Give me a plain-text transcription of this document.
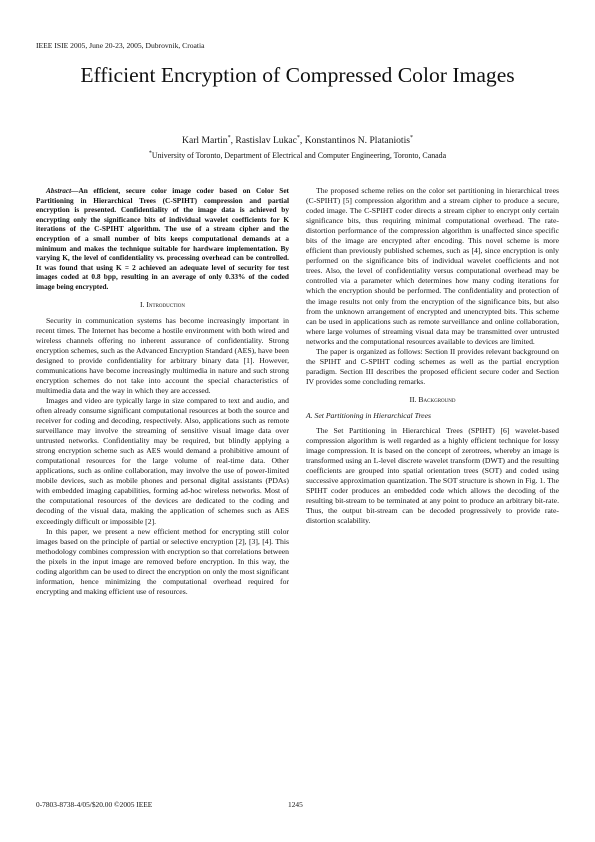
IEEE ISIE 2005, June 20-23, 2005, Dubrovnik, Croatia
Efficient Encryption of Compressed Color Images
Karl Martin*, Rastislav Lukac*, Konstantinos N. Plataniotis*
*University of Toronto, Department of Electrical and Computer Engineering, Toronto, Canada

Abstract—An efficient, secure color image coder based on Color Set Partitioning in Hierarchical Trees (C-SPIHT) compression and partial encryption is presented. Confidentiality of the image data is achieved by encrypting only the significance bits of individual wavelet coefficients for K iterations of the C-SPIHT algorithm. The use of a stream cipher and the encryption of a small number of bits keeps computational demands at a minimum and makes the technique suitable for hardware implementation. By varying K, the level of confidentiality vs. processing overhead can be controlled. It was found that using K = 2 achieved an adequate level of security for test images coded at 0.8 bpp, resulting in an average of only 0.33% of the coded image being encrypted.

I. Introduction

Security in communication systems has become increasingly important in recent times. The Internet has become a hostile environment with both wired and wireless channels offering no inherent assurance of confidentiality. Strong encryption schemes, such as the Advanced Encryption Standard (AES), have been designed to provide confidentiality for arbitrary binary data [1]. However, communications have become increasingly multimedia in nature and such strong encryption schemes do not take into account the special characteristics of multimedia data and the way in which they are accessed.

Images and video are typically large in size compared to text and audio, and often already consume significant computational resources at both the source and receiver for coding and decoding, respectively. Also, applications such as remote surveillance may involve the streaming of sensitive visual image data over untrusted networks. Confidentiality may be required, but blindly applying a strong encryption scheme such as AES would demand a prohibitive amount of computational resources for the large volume of real-time data. Other applications, such as online collaboration, may involve the use of power-limited mobile devices, such as mobile phones and personal digital assistants (PDAs) with embedded imaging capabilities, forming ad-hoc wireless networks. Most of the computational resources of the devices are dedicated to the coding and decoding of the visual data, making the application of schemes such as AES exceedingly difficult or impossible [2].

In this paper, we present a new efficient method for encrypting still color images based on the principle of partial or selective encryption [2], [3], [4]. This methodology combines compression with encryption so that correlations between the pixels in the input image are removed before encryption. In this way, the coding algorithm can be used to direct the encryption on only the most significant information, hence minimizing the computational overhead required for encrypting and making efficient use of resources.

The proposed scheme relies on the color set partitioning in hierarchical trees (C-SPIHT) [5] compression algorithm and a stream cipher to produce a secure, coded image. The C-SPIHT coder directs a stream cipher to encrypt only certain significance bits, thus requiring minimal computational overhead. The rate-distortion performance of the compression algorithm is unaffected since specific bits of the image are encrypted after encoding. This novel scheme is more efficient than previously published schemes, such as [4], since encryption is only performed on the significance bits of individual wavelet coefficients and not trees. Also, the level of confidentiality versus computational overhead may be controlled via a parameter which determines how many coding iterations for which the encryption should be performed. The confidentiality and protection of the image results not only from the encryption of the significance bits, but also from the unknown arrangement of encrypted and unencrypted bits. This scheme can be used in applications such as remote surveillance and online collaboration, where large volumes of streaming visual data may be transmitted over untrusted networks and the computational resources available to devices are limited.

The paper is organized as follows: Section II provides relevant background on the SPIHT and C-SPIHT coding schemes as well as the partial encryption paradigm. Section III describes the proposed efficient secure coder and Section IV provides some concluding remarks.

II. Background
A. Set Partitioning in Hierarchical Trees

The Set Partitioning in Hierarchical Trees (SPIHT) [6] wavelet-based compression algorithm is well regarded as a highly efficient technique for lossy image compression. It is based on the concept of zerotrees, whereby an image is transformed using an L-level discrete wavelet transform (DWT) and the resulting coefficients are grouped into spatial orientation trees (SOT) and coded using successive approximation quantization. The SOT structure is shown in Fig. 1. The SPIHT coder produces an embedded code which allows the decoding of the resulting bit-stream to be terminated at any point to produce an arbitrary bit-rate. Thus, the output bit-stream can be decoded progressively to provide rate-distortion scalability.

0-7803-8738-4/05/$20.00 ©2005 IEEE	1245
